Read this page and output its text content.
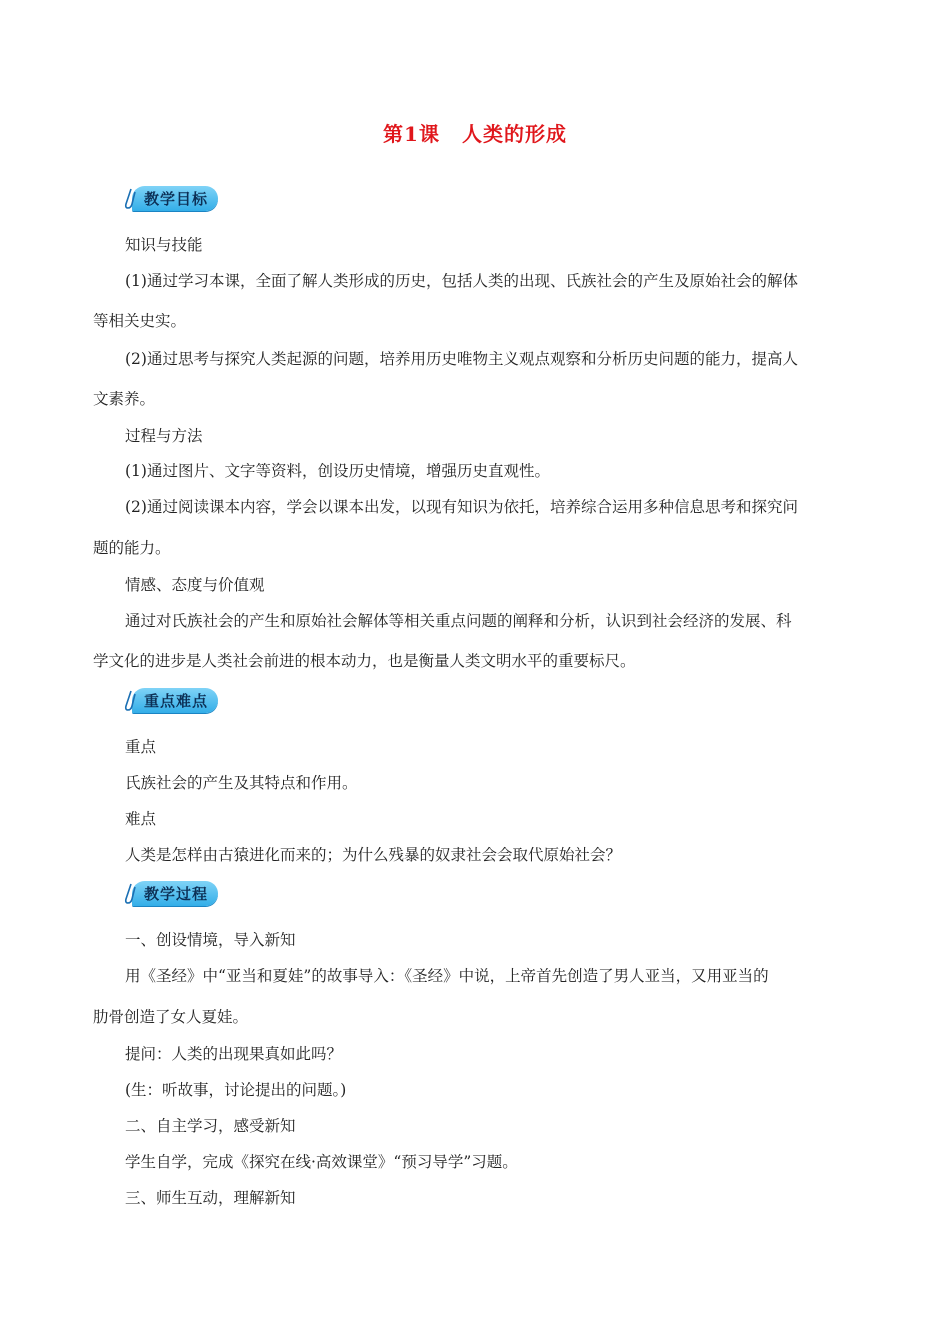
第1课 人类的形成
教学目标
知识与技能
(1)通过学习本课，全面了解人类形成的历史，包括人类的出现、氏族社会的产生及原始社会的解体
等相关史实。
(2)通过思考与探究人类起源的问题，培养用历史唯物主义观点观察和分析历史问题的能力，提高人
文素养。
过程与方法
(1)通过图片、文字等资料，创设历史情境，增强历史直观性。
(2)通过阅读课本内容，学会以课本出发，以现有知识为依托，培养综合运用多种信息思考和探究问
题的能力。
情感、态度与价值观
通过对氏族社会的产生和原始社会解体等相关重点问题的阐释和分析，认识到社会经济的发展、科
学文化的进步是人类社会前进的根本动力，也是衡量人类文明水平的重要标尺。
重点难点
重点
氏族社会的产生及其特点和作用。
难点
人类是怎样由古猿进化而来的；为什么残暴的奴隶社会会取代原始社会？
教学过程
一、创设情境，导入新知
用《圣经》中“亚当和夏娃”的故事导入：《圣经》中说，上帝首先创造了男人亚当，又用亚当的
肋骨创造了女人夏娃。
提问：人类的出现果真如此吗？
(生：听故事，讨论提出的问题。)
二、自主学习，感受新知
学生自学，完成《探究在线·高效课堂》“预习导学”习题。
三、师生互动，理解新知
